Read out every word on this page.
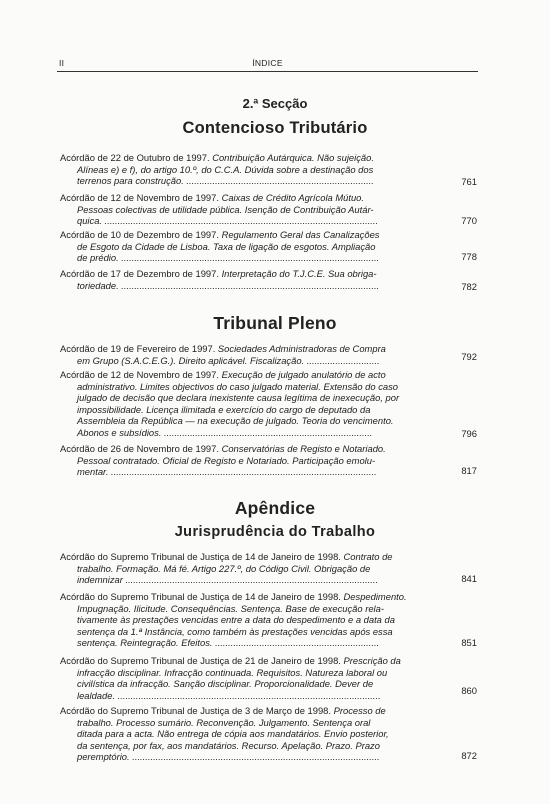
II	ÍNDICE
2.ª Secção
Contencioso Tributário
Acórdão de 22 de Outubro de 1997. Contribuição Autárquica. Não sujeição.
Alíneas e) e f), do artigo 10.º, do C.C.A. Dúvida sobre a destinação dos
terrenos para construção. ........................................................................	761
Acórdão de 12 de Novembro de 1997. Caixas de Crédito Agrícola Mútuo.
Pessoas colectivas de utilidade pública. Isenção de Contribuição Autár-
quica. .........................................................................................................	770
Acórdão de 10 de Dezembro de 1997. Regulamento Geral das Canalizações
de Esgoto da Cidade de Lisboa. Taxa de ligação de esgotos. Ampliação
de prédio. ...................................................................................................	778
Acórdão de 17 de Dezembro de 1997. Interpretação do T.J.C.E. Sua obriga-
toriedade. ...................................................................................................	782
Tribunal Pleno
Acórdão de 19 de Fevereiro de 1997. Sociedades Administradoras de Compra
em Grupo (S.A.C.E.G.). Direito aplicável. Fiscalização. ............................	792
Acórdão de 12 de Novembro de 1997. Execução de julgado anulatório de acto
administrativo. Limites objectivos do caso julgado material. Extensão do caso
julgado de decisão que declara inexistente causa legítima de inexecução, por
impossibilidade. Licença ilimitada e exercício do cargo de deputado da
Assembleia da República — na execução de julgado. Teoria do vencimento.
Abonos e subsídios. ................................................................................	796
Acórdão de 26 de Novembro de 1997. Conservatórias de Registo e Notariado.
Pessoal contratado. Oficial de Registo e Notariado. Participação emolu-
mentar. ......................................................................................................	817
Apêndice
Jurisprudência do Trabalho
Acórdão do Supremo Tribunal de Justiça de 14 de Janeiro de 1998. Contrato de
trabalho. Formação. Má fé. Artigo 227.º, do Código Civil. Obrigação de
indemnizar .................................................................................................	841
Acórdão do Supremo Tribunal de Justiça de 14 de Janeiro de 1998. Despedimento.
Impugnação. Ilicitude. Consequências. Sentença. Base de execução rela-
tivamente às prestações vencidas entre a data do despedimento e a data da
sentença da 1.ª Instância, como também às prestações vencidas após essa
sentença. Reintegração. Efeitos. ...............................................................	851
Acórdão do Supremo Tribunal de Justiça de 21 de Janeiro de 1998. Prescrição da
infracção disciplinar. Infracção continuada. Requisitos. Natureza laboral ou
civilística da infracção. Sanção disciplinar. Proporcionalidade. Dever de
lealdade. .....................................................................................................	860
Acórdão do Supremo Tribunal de Justiça de 3 de Março de 1998. Processo de
trabalho. Processo sumário. Reconvenção. Julgamento. Sentença oral
ditada para a acta. Não entrega de cópia aos mandatários. Envio posterior,
da sentença, por fax, aos mandatários. Recurso. Apelação. Prazo. Prazo
peremptório. ...............................................................................................	872
